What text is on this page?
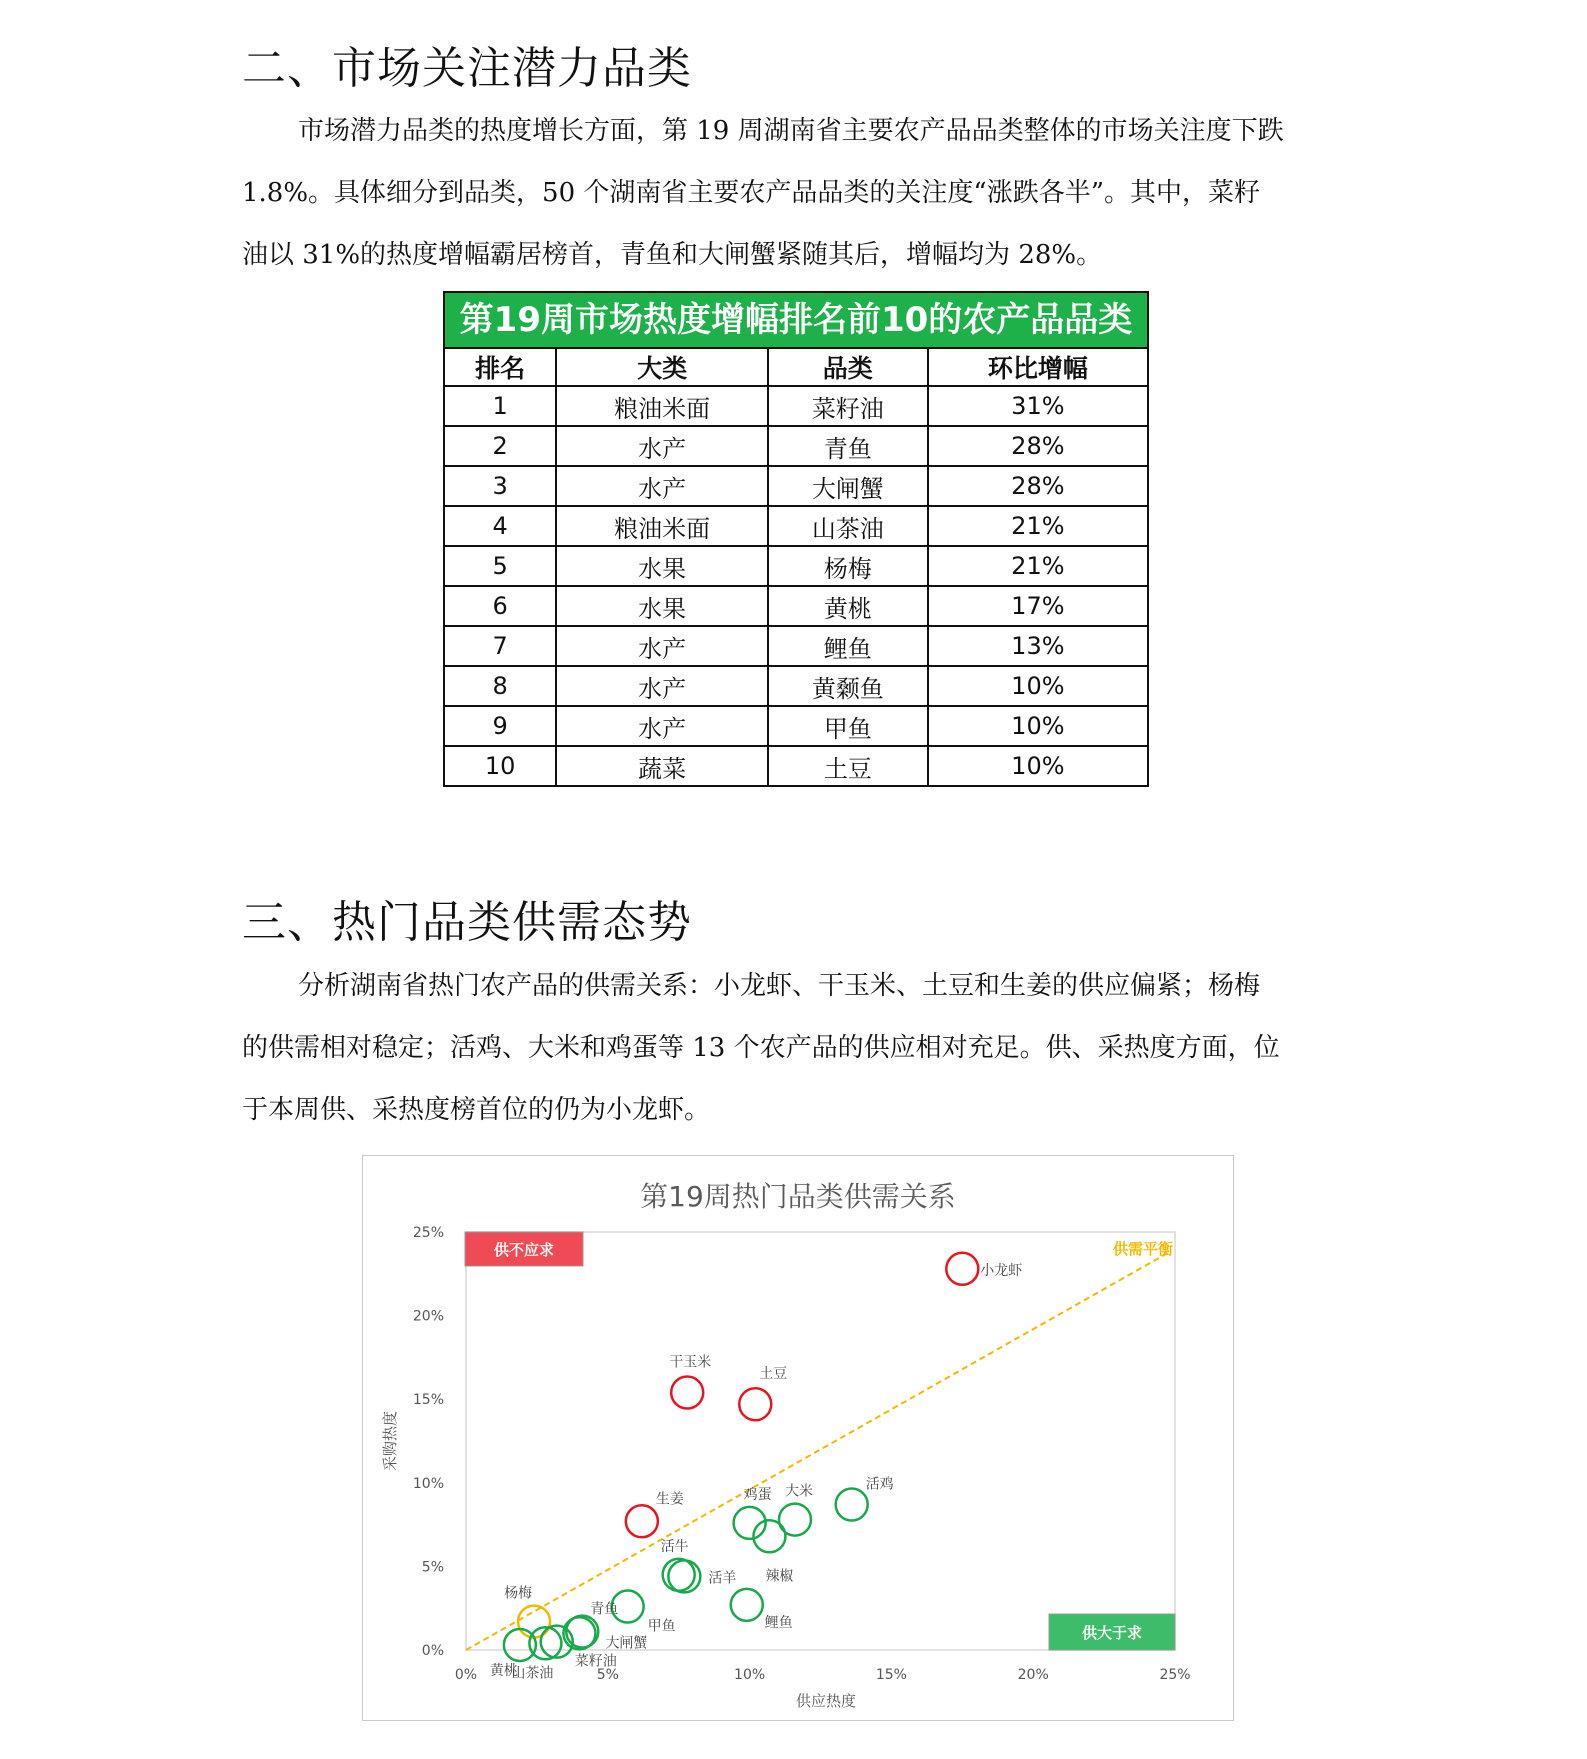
二、市场关注潜力品类
市场潜力品类的热度增长方面，第 19 周湖南省主要农产品品类整体的市场关注度下跌
1.8%。具体细分到品类，50 个湖南省主要农产品品类的关注度“涨跌各半”。其中，菜籽
油以 31%的热度增幅霸居榜首，青鱼和大闸蟹紧随其后，增幅均为 28%。
第19周市场热度增幅排名前10的农产品品类
排名	大类	品类	环比增幅
1	粮油米面	菜籽油	31%
2	水产	青鱼	28%
3	水产	大闸蟹	28%
4	粮油米面	山茶油	21%
5	水果	杨梅	21%
6	水果	黄桃	17%
7	水产	鲤鱼	13%
8	水产	黄颡鱼	10%
9	水产	甲鱼	10%
10	蔬菜	土豆	10%
三、热门品类供需态势
分析湖南省热门农产品的供需关系：小龙虾、干玉米、土豆和生姜的供应偏紧；杨梅
的供需相对稳定；活鸡、大米和鸡蛋等 13 个农产品的供应相对充足。供、采热度方面，位
于本周供、采热度榜首位的仍为小龙虾。
第19周热门品类供需关系
0%	5%	10%	15%	20%	25%
0%
5%
10%
15%
20%
25%
供需平衡
供不应求
供大于求
小龙虾
干玉米
土豆
生姜
杨梅
活鸡
大米
鸡蛋
辣椒
活牛
活羊
甲鱼	鲤鱼
青鱼
大闸蟹
菜籽油
山茶油
黄桃
供应热度
采购热度
